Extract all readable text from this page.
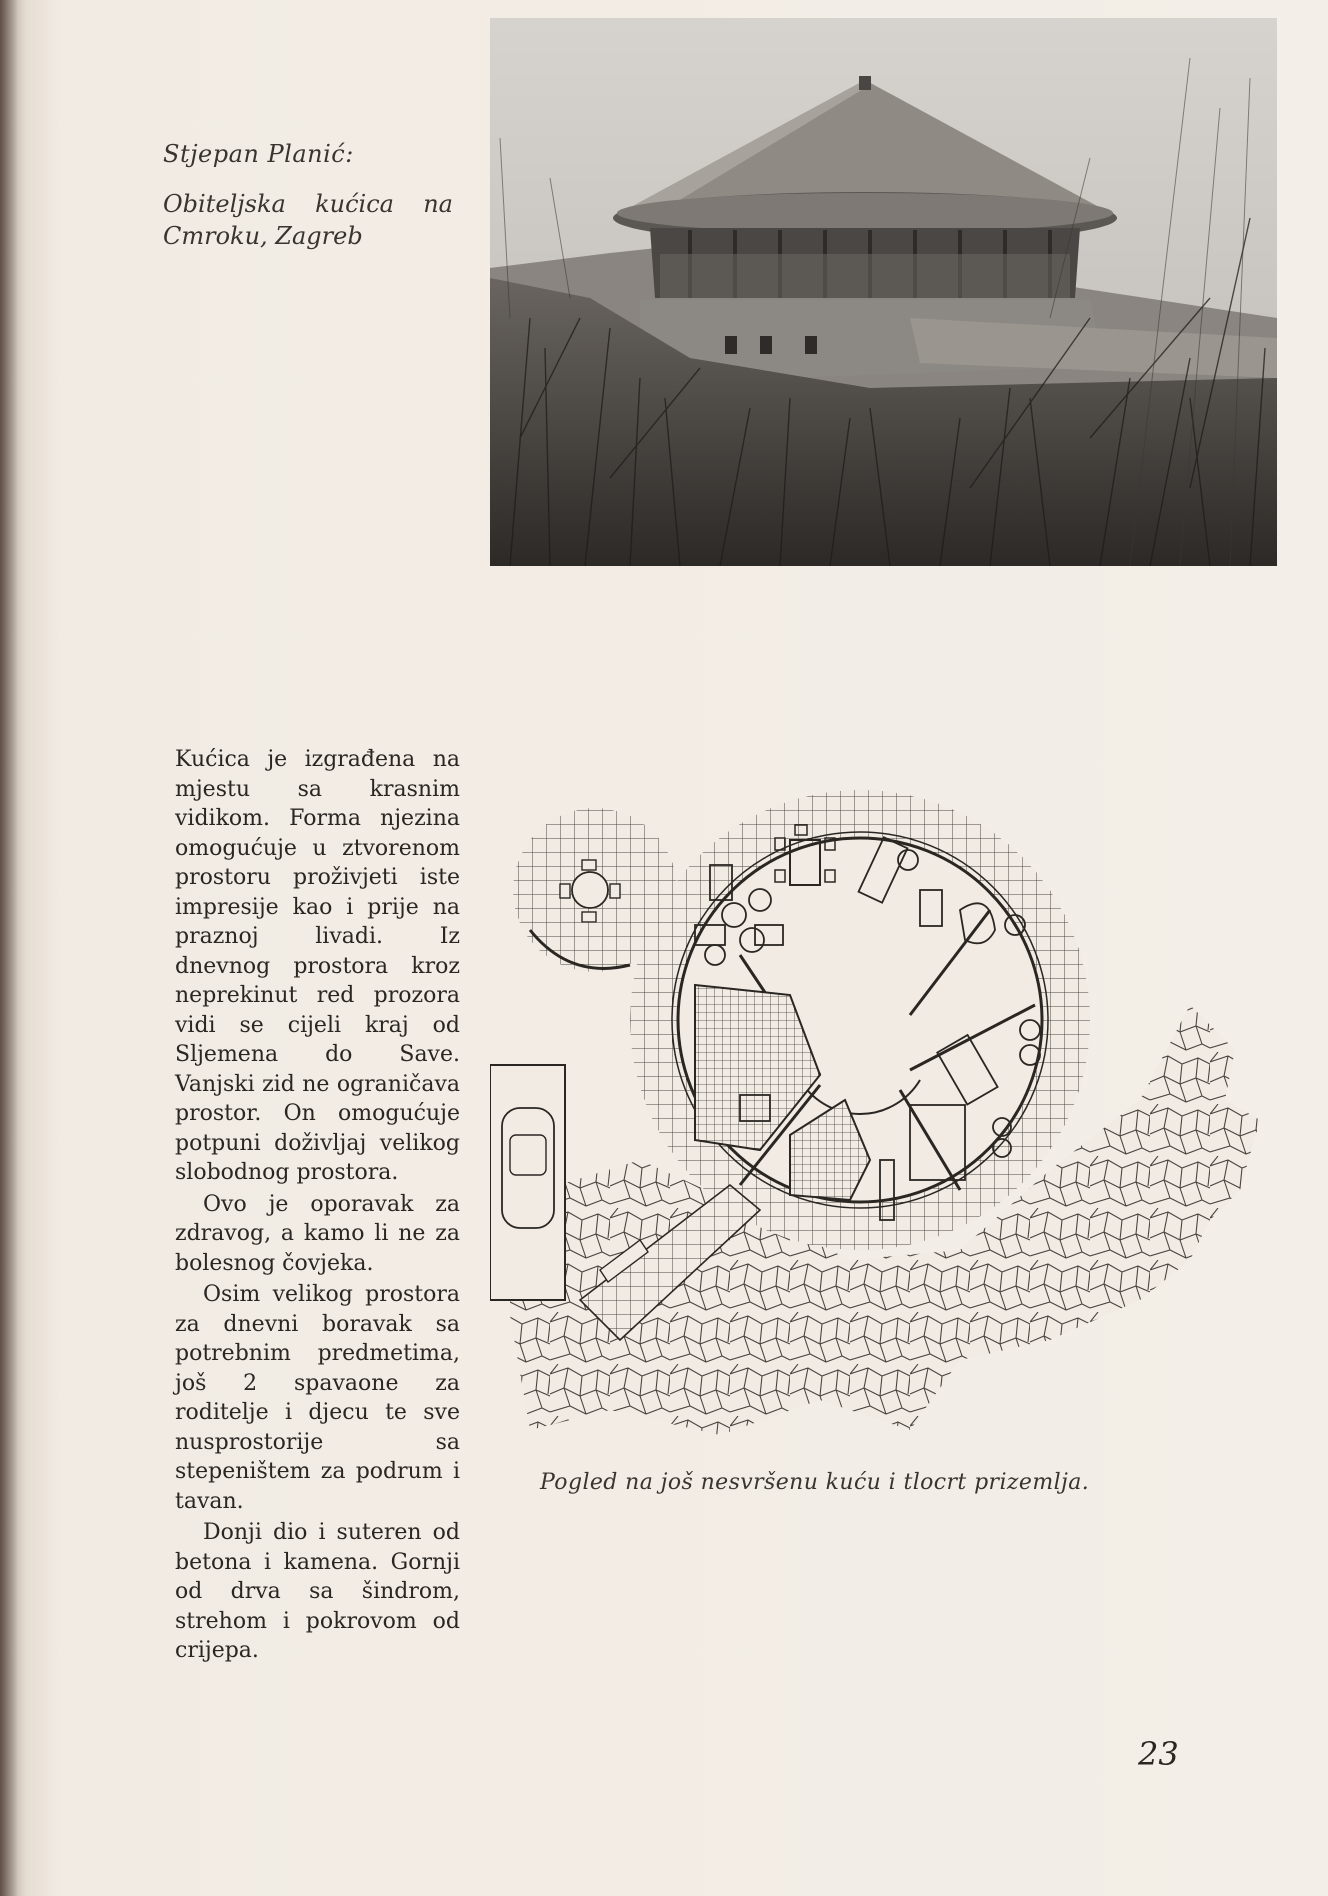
Stjepan Planić:
Obiteljska kućica na Cmroku, Zagreb

Kućica je izgrađena na mjestu sa krasnim vidikom. Forma njezina omogućuje u ztvorenom prostoru proživjeti iste impresije kao i prije na praznoj livadi. Iz dnevnog prostora kroz neprekinut red prozora vidi se cijeli kraj od Sljemena do Save. Vanjski zid ne ograničava prostor. On omogućuje potpuni doživljaj velikog slobodnog prostora.

Ovo je oporavak za zdravog, a kamo li ne za bolesnog čovjeka.

Osim velikog prostora za dnevni boravak sa potrebnim predmetima, još 2 spavaone za roditelje i djecu te sve nusprostorije sa stepeništem za podrum i tavan.

Donji dio i suteren od betona i kamena. Gornji od drva sa šindrom, strehom i pokrovom od crijepa.

Pogled na još nesvršenu kuću i tlocrt prizemlja.
23
